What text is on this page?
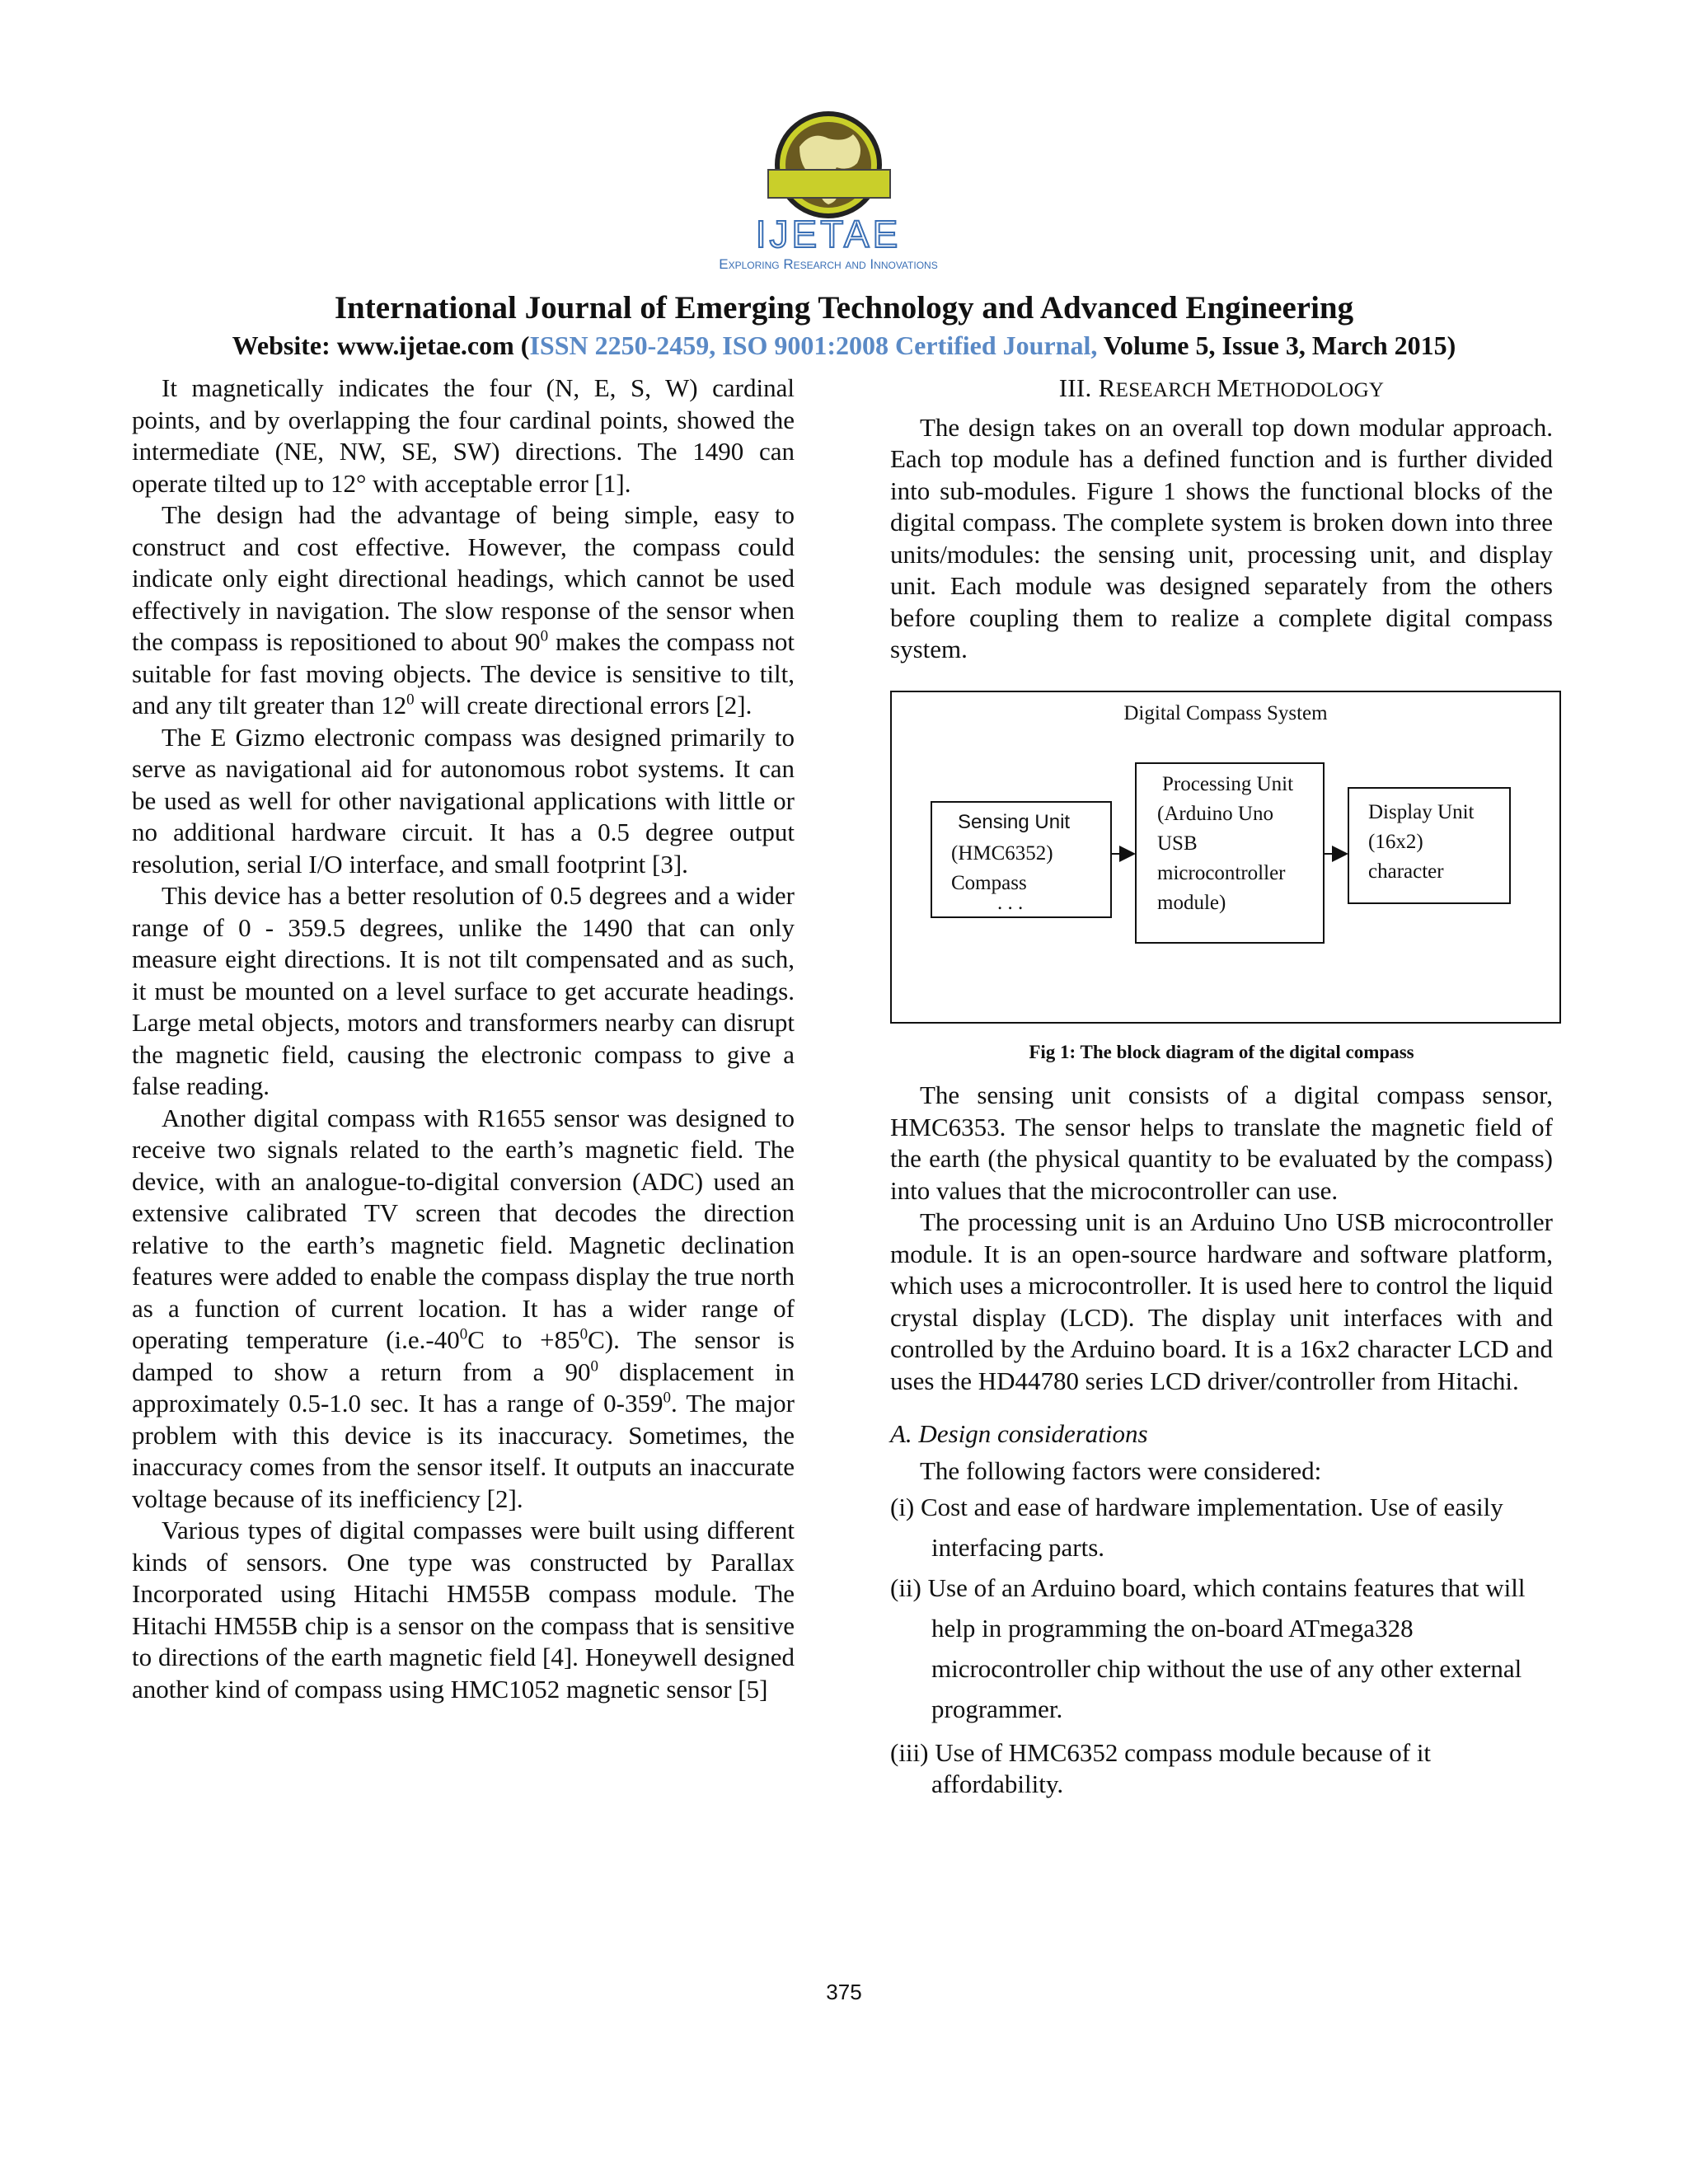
IJETAE
Exploring Research and Innovations
International Journal of Emerging Technology and Advanced Engineering
Website: www.ijetae.com (ISSN 2250-2459, ISO 9001:2008 Certified Journal, Volume 5, Issue 3, March 2015)

It magnetically indicates the four (N, E, S, W) cardinal points, and by overlapping the four cardinal points, showed the intermediate (NE, NW, SE, SW) directions. The 1490 can operate tilted up to 12° with acceptable error [1].

The design had the advantage of being simple, easy to construct and cost effective. However, the compass could indicate only eight directional headings, which cannot be used effectively in navigation. The slow response of the sensor when the compass is repositioned to about $90^0$ makes the compass not suitable for fast moving objects. The device is sensitive to tilt, and any tilt greater than $12^0$ will create directional errors [2].

The E Gizmo electronic compass was designed primarily to serve as navigational aid for autonomous robot systems. It can be used as well for other navigational applications with little or no additional hardware circuit. It has a 0.5 degree output resolution, serial I/O interface, and small footprint [3].

This device has a better resolution of 0.5 degrees and a wider range of 0 - 359.5 degrees, unlike the 1490 that can only measure eight directions. It is not tilt compensated and as such, it must be mounted on a level surface to get accurate headings. Large metal objects, motors and transformers nearby can disrupt the magnetic field, causing the electronic compass to give a false reading.

Another digital compass with R1655 sensor was designed to receive two signals related to the earth’s magnetic field. The device, with an analogue-to-digital conversion (ADC) used an extensive calibrated TV screen that decodes the direction relative to the earth’s magnetic field. Magnetic declination features were added to enable the compass display the true north as a function of current location. It has a wider range of operating temperature ($i.e.-40^0C$ to $+85^0C$). The sensor is damped to show a return from a $90^0$ displacement in approximately 0.5-1.0 sec. It has a range of $0-359^0$. The major problem with this device is its inaccuracy. Sometimes, the inaccuracy comes from the sensor itself. It outputs an inaccurate voltage because of its inefficiency [2].

Various types of digital compasses were built using different kinds of sensors. One type was constructed by Parallax Incorporated using Hitachi HM55B compass module. The Hitachi HM55B chip is a sensor on the compass that is sensitive to directions of the earth magnetic field [4]. Honeywell designed another kind of compass using HMC1052 magnetic sensor [5]

III. RESEARCH METHODOLOGY

The design takes on an overall top down modular approach. Each top module has a defined function and is further divided into sub-modules. Figure 1 shows the functional blocks of the digital compass. The complete system is broken down into three units/modules: the sensing unit, processing unit, and display unit. Each module was designed separately from the others before coupling them to realize a complete digital compass system.

Digital Compass System

Sensing Unit

(HMC6352)

Compass

. . .

Processing Unit

(Arduino Uno

USB

microcontroller

module)

Display Unit

(16x2)

character

Fig 1: The block diagram of the digital compass

The sensing unit consists of a digital compass sensor, HMC6353. The sensor helps to translate the magnetic field of the earth (the physical quantity to be evaluated by the compass) into values that the microcontroller can use.

The processing unit is an Arduino Uno USB microcontroller module. It is an open-source hardware and software platform, which uses a microcontroller. It is used here to control the liquid crystal display (LCD). The display unit interfaces with and controlled by the Arduino board. It is a 16x2 character LCD and uses the HD44780 series LCD driver/controller from Hitachi.

A. Design considerations

The following factors were considered:

(i) Cost and ease of hardware implementation. Use of easily interfacing parts.

(ii) Use of an Arduino board, which contains features that will help in programming the on-board ATmega328 microcontroller chip without the use of any other external programmer.

(iii) Use of HMC6352 compass module because of it affordability.

375
